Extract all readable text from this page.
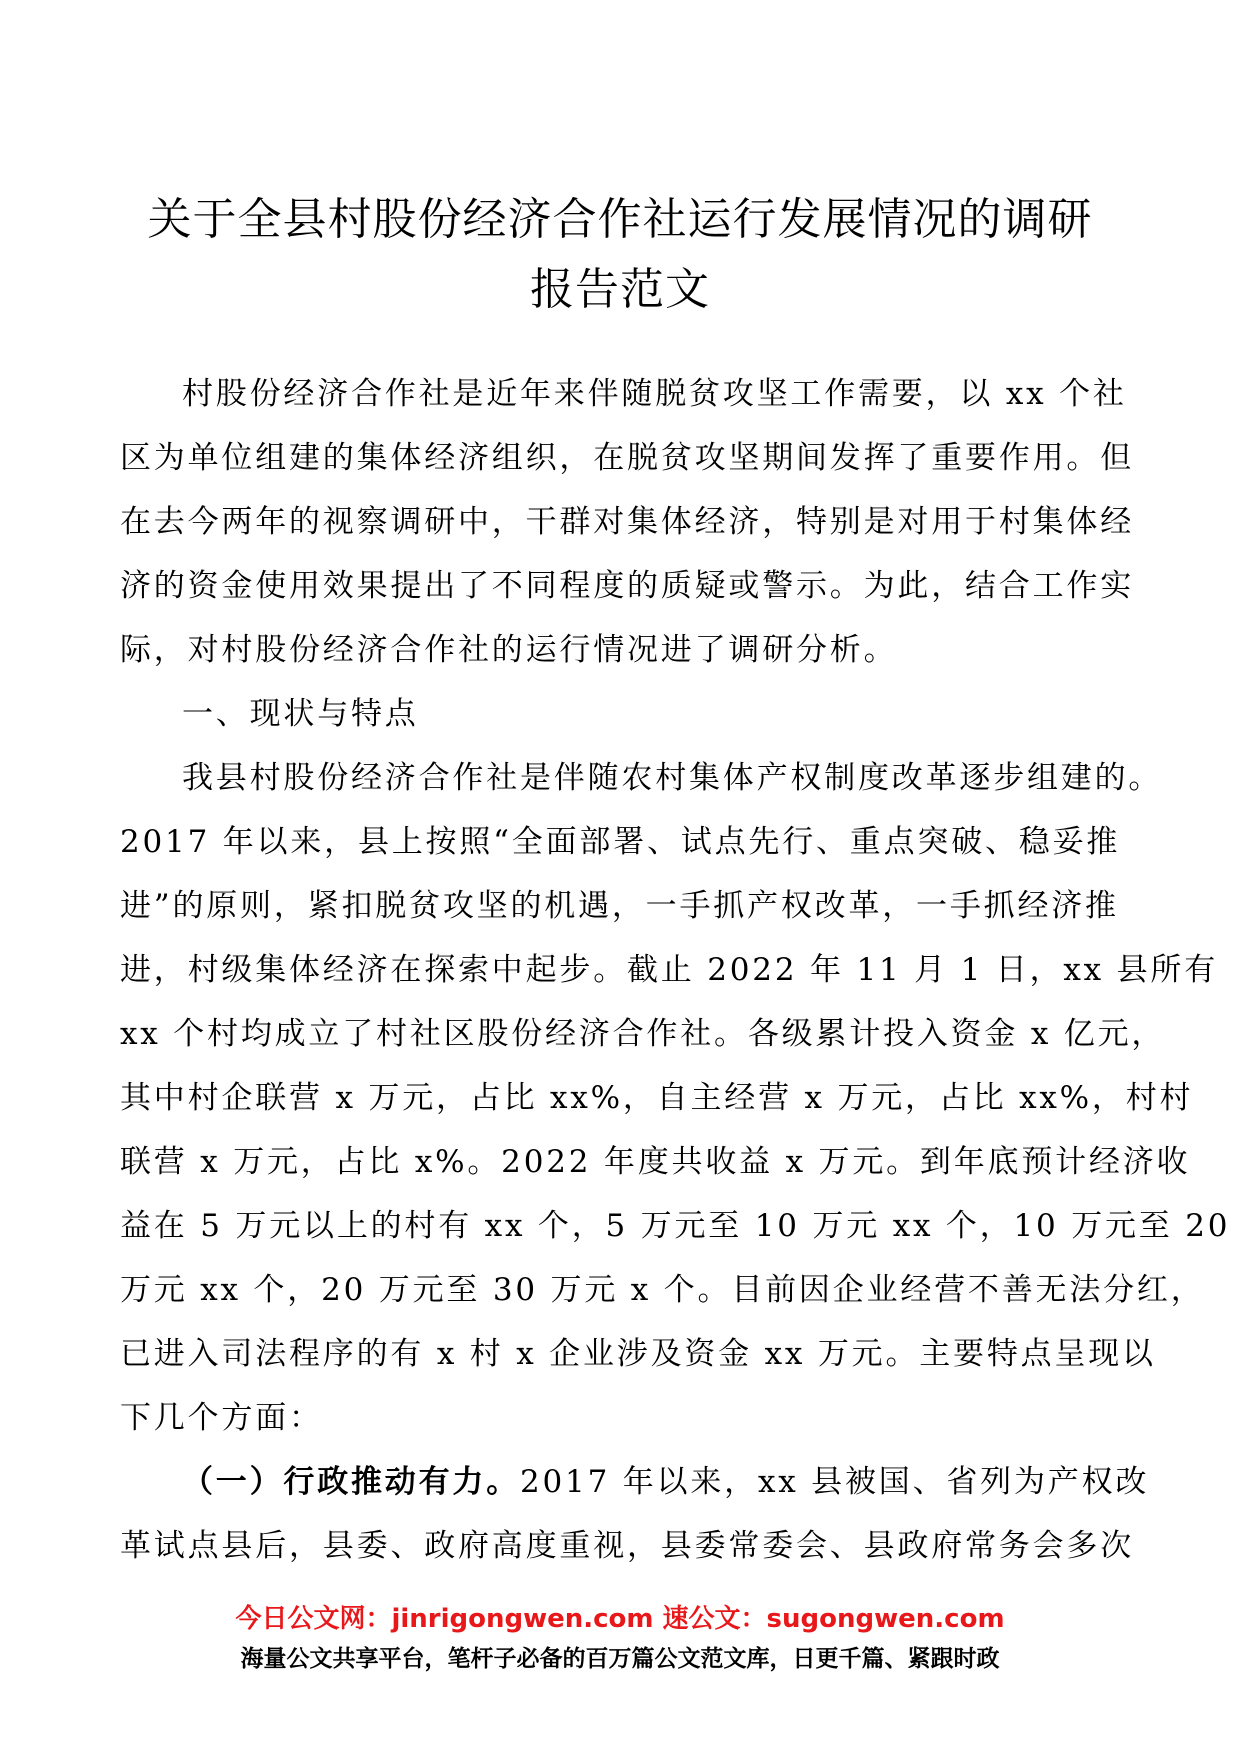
关于全县村股份经济合作社运行发展情况的调研
报告范文
村股份经济合作社是近年来伴随脱贫攻坚工作需要，以 xx 个社
区为单位组建的集体经济组织，在脱贫攻坚期间发挥了重要作用。但
在去今两年的视察调研中，干群对集体经济，特别是对用于村集体经
济的资金使用效果提出了不同程度的质疑或警示。为此，结合工作实
际，对村股份经济合作社的运行情况进了调研分析。
一、现状与特点
我县村股份经济合作社是伴随农村集体产权制度改革逐步组建的。
2017 年以来，县上按照“全面部署、试点先行、重点突破、稳妥推
进”的原则，紧扣脱贫攻坚的机遇，一手抓产权改革，一手抓经济推
进，村级集体经济在探索中起步。截止 2022 年 11 月 1 日，xx 县所有
xx 个村均成立了村社区股份经济合作社。各级累计投入资金 x 亿元，
其中村企联营 x 万元，占比 xx%，自主经营 x 万元，占比 xx%，村村
联营 x 万元，占比 x%。2022 年度共收益 x 万元。到年底预计经济收
益在 5 万元以上的村有 xx 个，5 万元至 10 万元 xx 个，10 万元至 20
万元 xx 个，20 万元至 30 万元 x 个。目前因企业经营不善无法分红，
已进入司法程序的有 x 村 x 企业涉及资金 xx 万元。主要特点呈现以
下几个方面：
（一）行政推动有力。2017 年以来，xx 县被国、省列为产权改
革试点县后，县委、政府高度重视，县委常委会、县政府常务会多次
今日公文网：jinrigongwen.com 速公文：sugongwen.com
海量公文共享平台，笔杆子必备的百万篇公文范文库，日更千篇、紧跟时政
